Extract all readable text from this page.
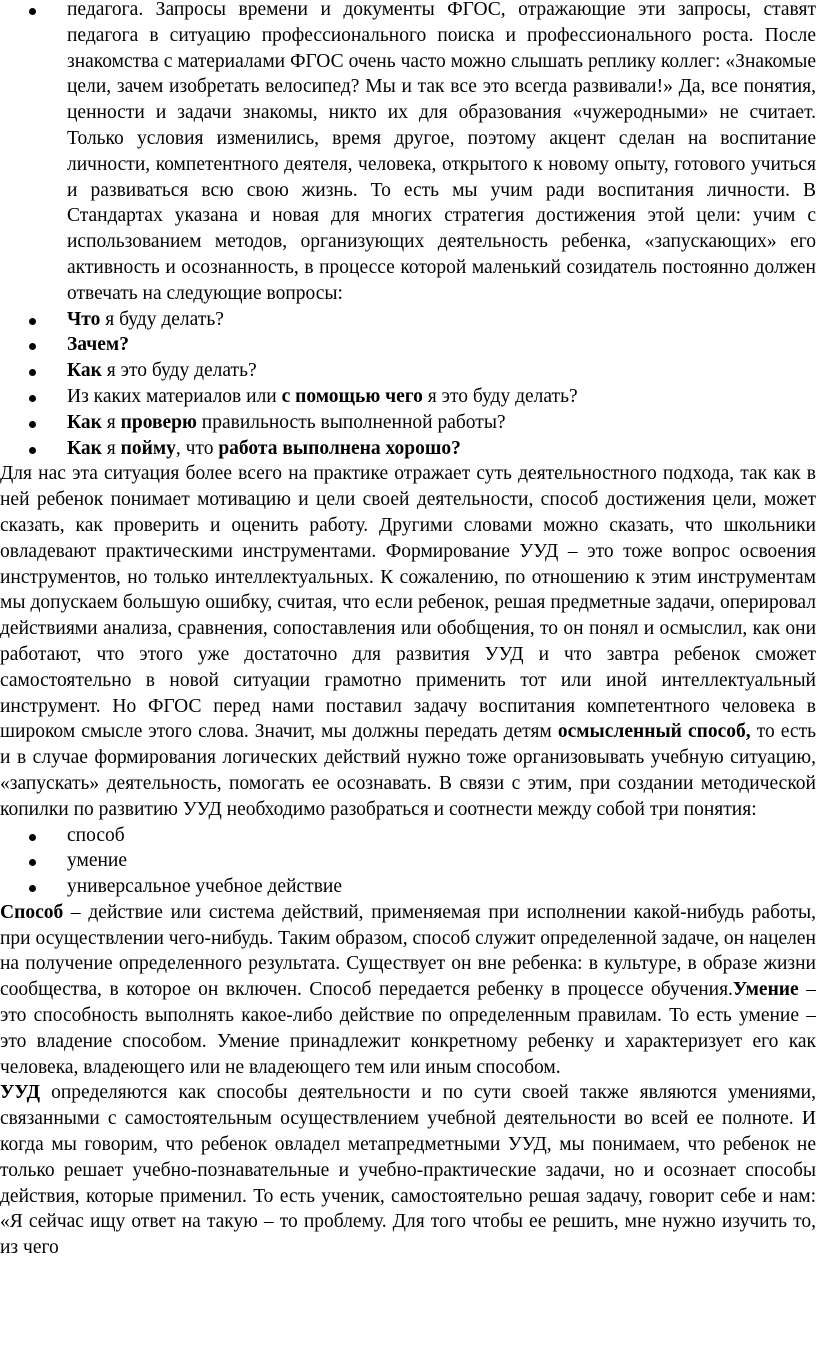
педагога. Запросы времени и документы ФГОС, отражающие эти запросы, ставят педагога в ситуацию профессионального поиска и профессионального роста. После знакомства с материалами ФГОС очень часто можно слышать реплику коллег: «Знакомые цели, зачем изобретать велосипед? Мы и так все это всегда развивали!» Да, все понятия, ценности и задачи знакомы, никто их для образования «чужеродными» не считает. Только условия изменились, время другое, поэтому акцент сделан на воспитание личности, компетентного деятеля, человека, открытого к новому опыту, готового учиться и развиваться всю свою жизнь. То есть мы учим ради воспитания личности. В Стандартах указана и новая для многих стратегия достижения этой цели: учим с использованием методов, организующих деятельность ребенка, «запускающих» его активность и осознанность, в процессе которой маленький созидатель постоянно должен отвечать на следующие вопросы:
Что я буду делать?
Зачем?
Как я это буду делать?
Из каких материалов или с помощью чего я это буду делать?
Как я проверю правильность выполненной работы?
Как я пойму, что работа выполнена хорошо?

Для нас эта ситуация более всего на практике отражает суть деятельностного подхода, так как в ней ребенок понимает мотивацию и цели своей деятельности, способ достижения цели, может сказать, как проверить и оценить работу. Другими словами можно сказать, что школьники овладевают практическими инструментами. Формирование УУД – это тоже вопрос освоения инструментов, но только интеллектуальных. К сожалению, по отношению к этим инструментам мы допускаем большую ошибку, считая, что если ребенок, решая предметные задачи, оперировал действиями анализа, сравнения, сопоставления или обобщения, то он понял и осмыслил, как они работают, что этого уже достаточно для развития УУД и что завтра ребенок сможет самостоятельно в новой ситуации грамотно применить тот или иной интеллектуальный инструмент. Но ФГОС перед нами поставил задачу воспитания компетентного человека в широком смысле этого слова. Значит, мы должны передать детям осмысленный способ, то есть и в случае формирования логических действий нужно тоже организовывать учебную ситуацию, «запускать» деятельность, помогать ее осознавать. В связи с этим, при создании методической копилки по развитию УУД необходимо разобраться и соотнести между собой три понятия:

способ
умение
универсальное учебное действие

Способ – действие или система действий, применяемая при исполнении какой-нибудь работы, при осуществлении чего-нибудь. Таким образом, способ служит определенной задаче, он нацелен на получение определенного результата. Существует он вне ребенка: в культуре, в образе жизни сообщества, в которое он включен. Способ передается ребенку в процессе обучения.Умение – это способность выполнять какое-либо действие по определенным правилам. То есть умение – это владение способом. Умение принадлежит конкретному ребенку и характеризует его как человека, владеющего или не владеющего тем или иным способом.

УУД определяются как способы деятельности и по сути своей также являются умениями, связанными с самостоятельным осуществлением учебной деятельности во всей ее полноте. И когда мы говорим, что ребенок овладел метапредметными УУД, мы понимаем, что ребенок не только решает учебно-познавательные и учебно-практические задачи, но и осознает способы действия, которые применил. То есть ученик, самостоятельно решая задачу, говорит себе и нам: «Я сейчас ищу ответ на такую – то проблему. Для того чтобы ее решить, мне нужно изучить то, из чего
